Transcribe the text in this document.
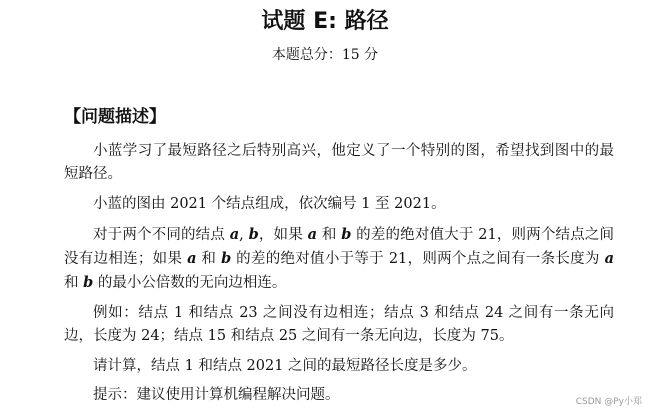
试题 E: 路径
本题总分：15 分
【问题描述】

小蓝学习了最短路径之后特别高兴，他定义了一个特别的图，希望找到图中的最短路径。

小蓝的图由 2021 个结点组成，依次编号 1 至 2021。

对于两个不同的结点 a, b，如果 a 和 b 的差的绝对值大于 21，则两个结点之间没有边相连；如果 a 和 b 的差的绝对值小于等于 21，则两个点之间有一条长度为 a 和 b 的最小公倍数的无向边相连。

例如：结点 1 和结点 23 之间没有边相连；结点 3 和结点 24 之间有一条无向边，长度为 24；结点 15 和结点 25 之间有一条无向边，长度为 75。

请计算，结点 1 和结点 2021 之间的最短路径长度是多少。

提示：建议使用计算机编程解决问题。	CSDN @Py小郑
